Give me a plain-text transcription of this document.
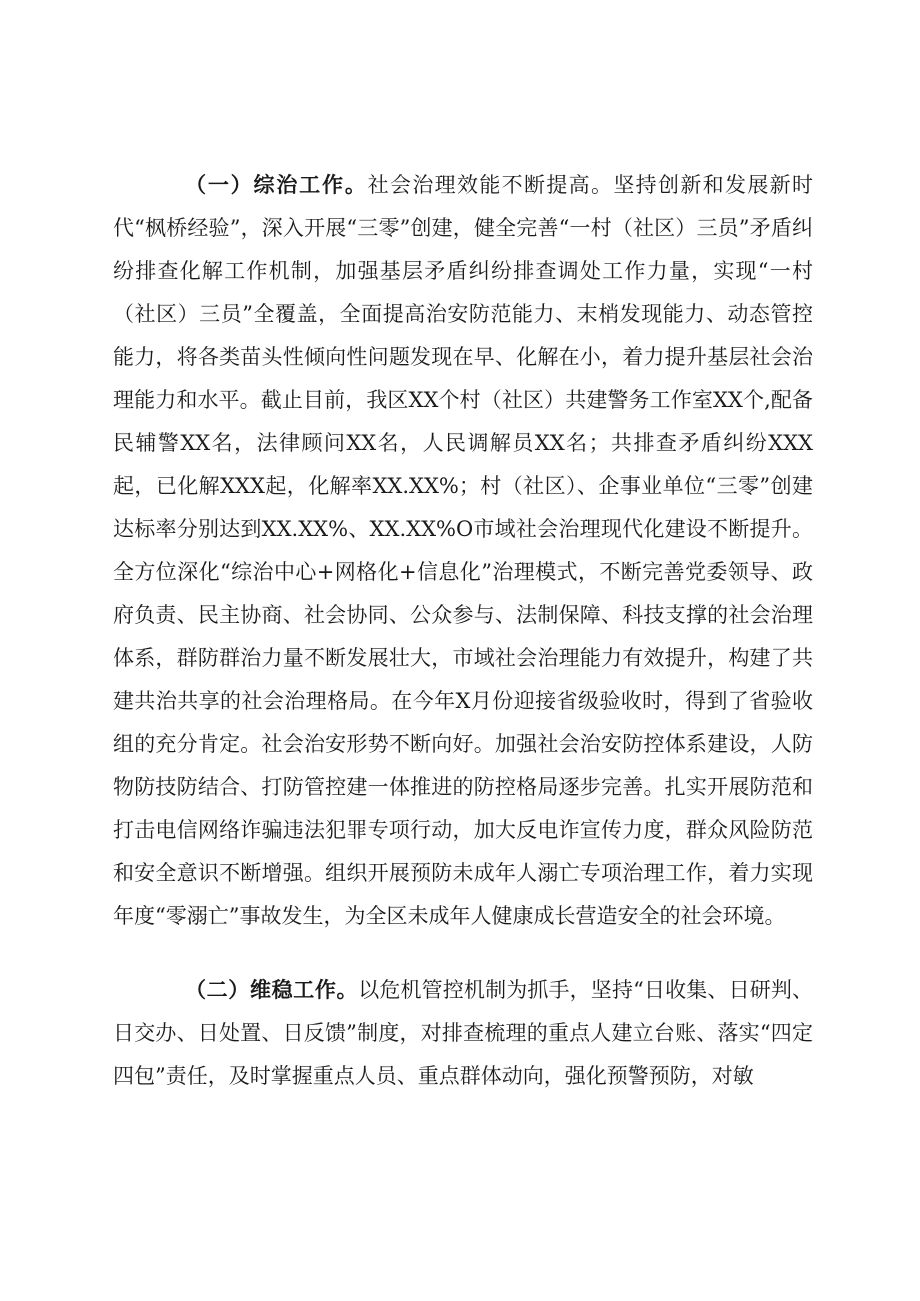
（一）综治工作。社会治理效能不断提高。坚持创新和发展新时代“枫桥经验”，深入开展“三零”创建，健全完善“一村（社区）三员”矛盾纠纷排查化解工作机制，加强基层矛盾纠纷排查调处工作力量，实现“一村（社区）三员”全覆盖，全面提高治安防范能力、末梢发现能力、动态管控能力，将各类苗头性倾向性问题发现在早、化解在小，着力提升基层社会治理能力和水平。截止目前，我区XX个村（社区）共建警务工作室XX个,配备民辅警XX名，法律顾问XX名，人民调解员XX名；共排查矛盾纠纷XXX起，已化解XXX起，化解率XX.XX%；村（社区）、企事业单位“三零”创建达标率分别达到XX.XX%、XX.XX%O市域社会治理现代化建设不断提升。全方位深化“综治中心+网格化+信息化”治理模式，不断完善党委领导、政府负责、民主协商、社会协同、公众参与、法制保障、科技支撑的社会治理体系，群防群治力量不断发展壮大，市域社会治理能力有效提升，构建了共建共治共享的社会治理格局。在今年X月份迎接省级验收时，得到了省验收组的充分肯定。社会治安形势不断向好。加强社会治安防控体系建设，人防物防技防结合、打防管控建一体推进的防控格局逐步完善。扎实开展防范和打击电信网络诈骗违法犯罪专项行动，加大反电诈宣传力度，群众风险防范和安全意识不断增强。组织开展预防未成年人溺亡专项治理工作，着力实现年度“零溺亡”事故发生，为全区未成年人健康成长营造安全的社会环境。

（二）维稳工作。以危机管控机制为抓手，坚持“日收集、日研判、日交办、日处置、日反馈”制度，对排查梳理的重点人建立台账、落实“四定四包”责任，及时掌握重点人员、重点群体动向，强化预警预防，对敏
